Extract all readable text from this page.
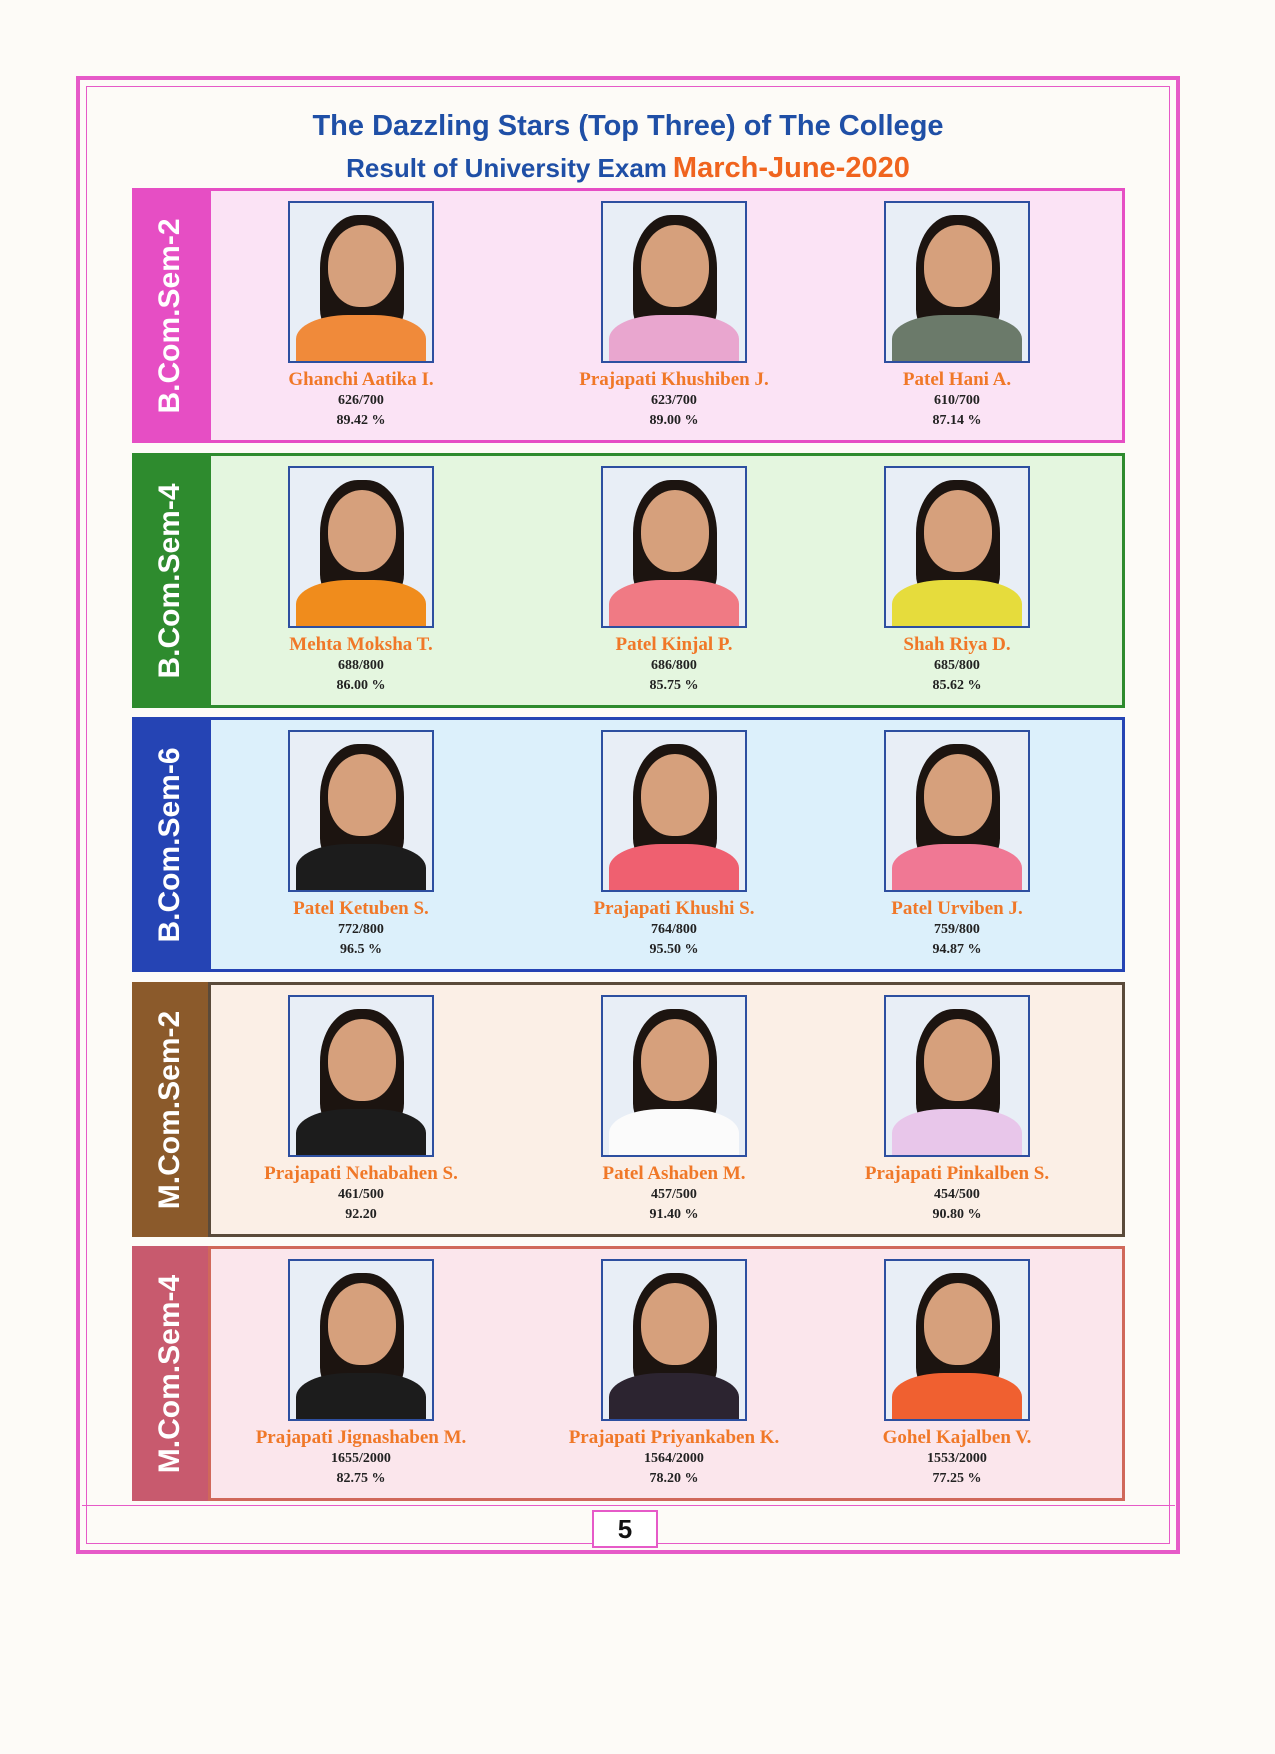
The Dazzling Stars (Top Three) of The College

Result of University Exam March-June-2020

B.Com.Sem-2	Ghanchi Aatika I.
626/700
89.42 %
Prajapati Khushiben J.
623/700
89.00 %
Patel Hani A.
610/700
87.14 %
B.Com.Sem-4	Mehta Moksha T.
688/800
86.00 %
Patel Kinjal P.
686/800
85.75 %
Shah Riya D.
685/800
85.62 %
B.Com.Sem-6	Patel Ketuben S.
772/800
96.5 %
Prajapati Khushi S.
764/800
95.50 %
Patel Urviben J.
759/800
94.87 %
M.Com.Sem-2	Prajapati Nehabahen S.
461/500
92.20
Patel Ashaben M.
457/500
91.40 %
Prajapati Pinkalben S.
454/500
90.80 %
M.Com.Sem-4	Prajapati Jignashaben M.
1655/2000
82.75 %
Prajapati Priyankaben K.
1564/2000
78.20 %
Gohel Kajalben V.
1553/2000
77.25 %
5
